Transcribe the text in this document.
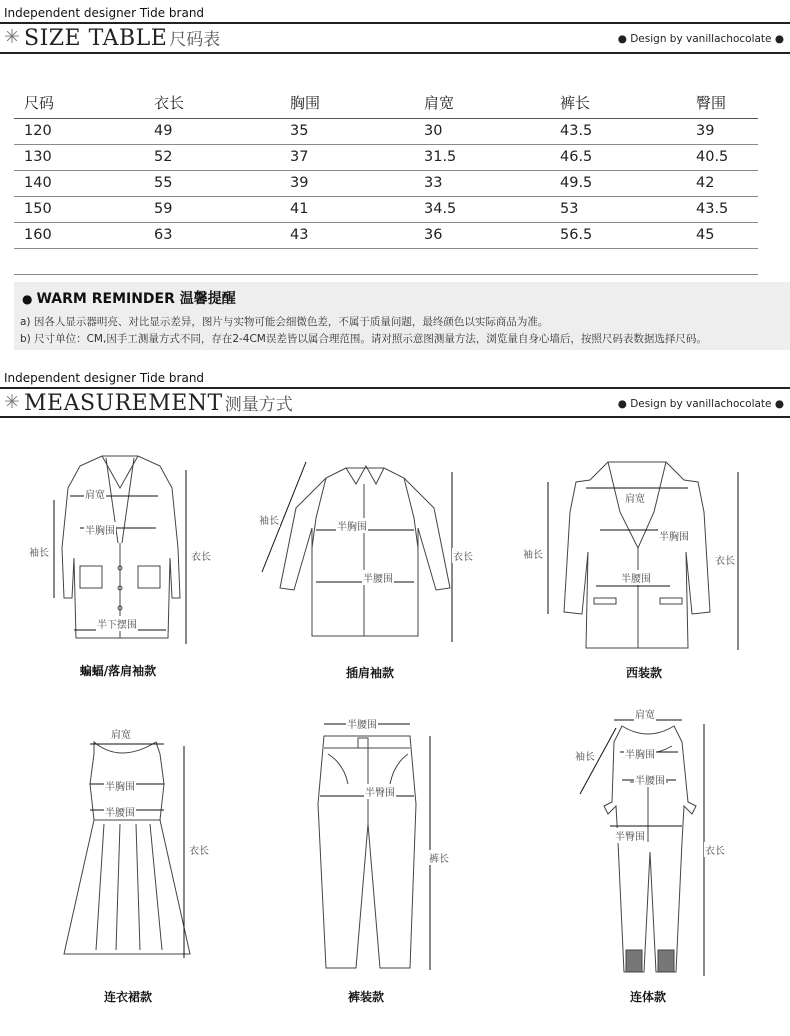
Independent designer Tide brand
✳ SIZE TABLE 尺码表	● Design by vanillachocolate ●
尺码	衣长	胸围	肩宽	裤长	臀围
120	49	35	30	43.5	39
130	52	37	31.5	46.5	40.5
140	55	39	33	49.5	42
150	59	41	34.5	53	43.5
160	63	43	36	56.5	45

● WARM REMINDER 温馨提醒
a) 因各人显示器明亮、对比显示差异，图片与实物可能会细微色差，不属于质量问题，最终颜色以实际商品为准。
b) 尺寸单位：CM,因手工测量方式不同，存在2-4CM误差皆以属合理范围。请对照示意图测量方法，浏览量自身心墙后，按照尺码表数据选择尺码。
Independent designer Tide brand
✳ MEASUREMENT 测量方式	● Design by vanillachocolate ●
肩宽
半胸围
袖长	衣长
半下摆围
蝙蝠/落肩袖款
半胸围
半腰围
袖长
衣长
插肩袖款
肩宽
半胸围
袖长
半腰围
衣长
西装款
肩宽
半胸围
半腰围
衣长
连衣裙款
半腰围
半臀围
裤长
裤装款
肩宽
袖长	半胸围
半腰围
半臀围
衣长
连体款
